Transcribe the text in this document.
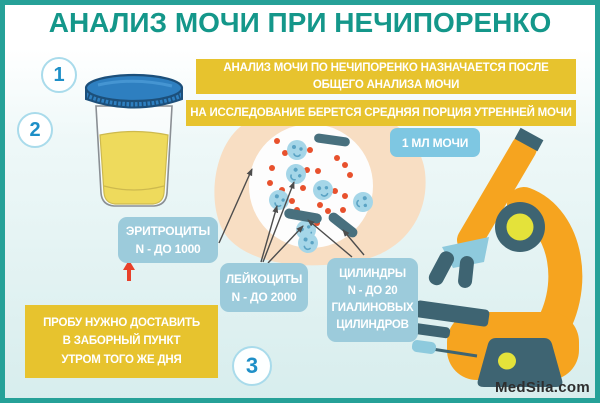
АНАЛИЗ МОЧИ ПРИ НЕЧИПОРЕНКО
1
2
3
АНАЛИЗ МОЧИ ПО НЕЧИПОРЕНКО НАЗНАЧАЕТСЯ ПОСЛЕ ОБЩЕГО АНАЛИЗА МОЧИ
НА ИССЛЕДОВАНИЕ БЕРЕТСЯ СРЕДНЯЯ ПОРЦИЯ УТРЕННЕЙ МОЧИ
1 МЛ МОЧИ
ЭРИТРОЦИТЫ
N - ДО 1000
ЛЕЙКОЦИТЫ
N - ДО 2000
ЦИЛИНДРЫ
N - ДО 20 ГИАЛИНОВЫХ ЦИЛИНДРОВ
ПРОБУ НУЖНО ДОСТАВИТЬ В ЗАБОРНЫЙ ПУНКТ УТРОМ ТОГО ЖЕ ДНЯ
MedSila.com
